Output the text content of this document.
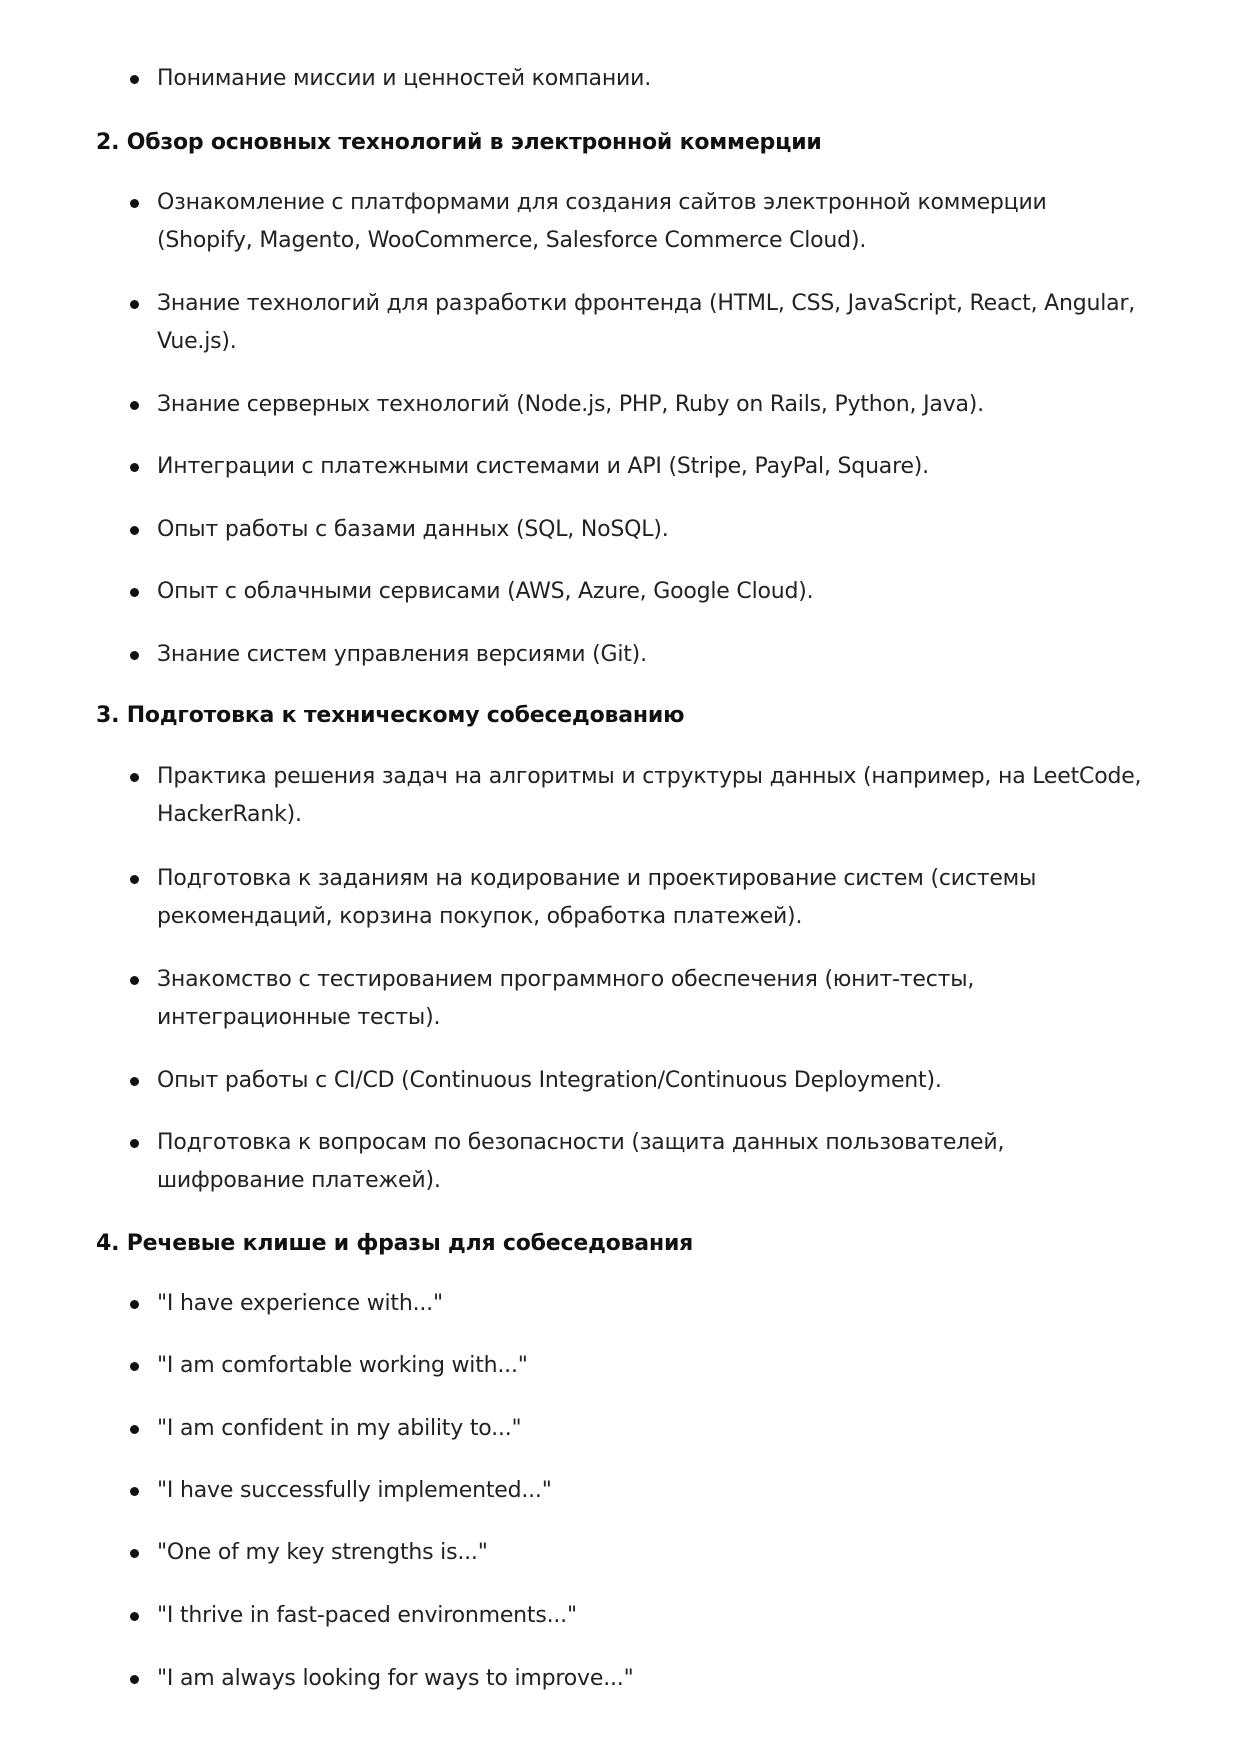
Понимание миссии и ценностей компании.
2. Обзор основных технологий в электронной коммерции
Ознакомление с платформами для создания сайтов электронной коммерции (Shopify, Magento, WooCommerce, Salesforce Commerce Cloud).
Знание технологий для разработки фронтенда (HTML, CSS, JavaScript, React, Angular, Vue.js).
Знание серверных технологий (Node.js, PHP, Ruby on Rails, Python, Java).
Интеграции с платежными системами и API (Stripe, PayPal, Square).
Опыт работы с базами данных (SQL, NoSQL).
Опыт с облачными сервисами (AWS, Azure, Google Cloud).
Знание систем управления версиями (Git).
3. Подготовка к техническому собеседованию
Практика решения задач на алгоритмы и структуры данных (например, на LeetCode, HackerRank).
Подготовка к заданиям на кодирование и проектирование систем (системы рекомендаций, корзина покупок, обработка платежей).
Знакомство с тестированием программного обеспечения (юнит-тесты, интеграционные тесты).
Опыт работы с CI/CD (Continuous Integration/Continuous Deployment).
Подготовка к вопросам по безопасности (защита данных пользователей, шифрование платежей).
4. Речевые клише и фразы для собеседования
"I have experience with..."
"I am comfortable working with..."
"I am confident in my ability to..."
"I have successfully implemented..."
"One of my key strengths is..."
"I thrive in fast-paced environments..."
"I am always looking for ways to improve..."
